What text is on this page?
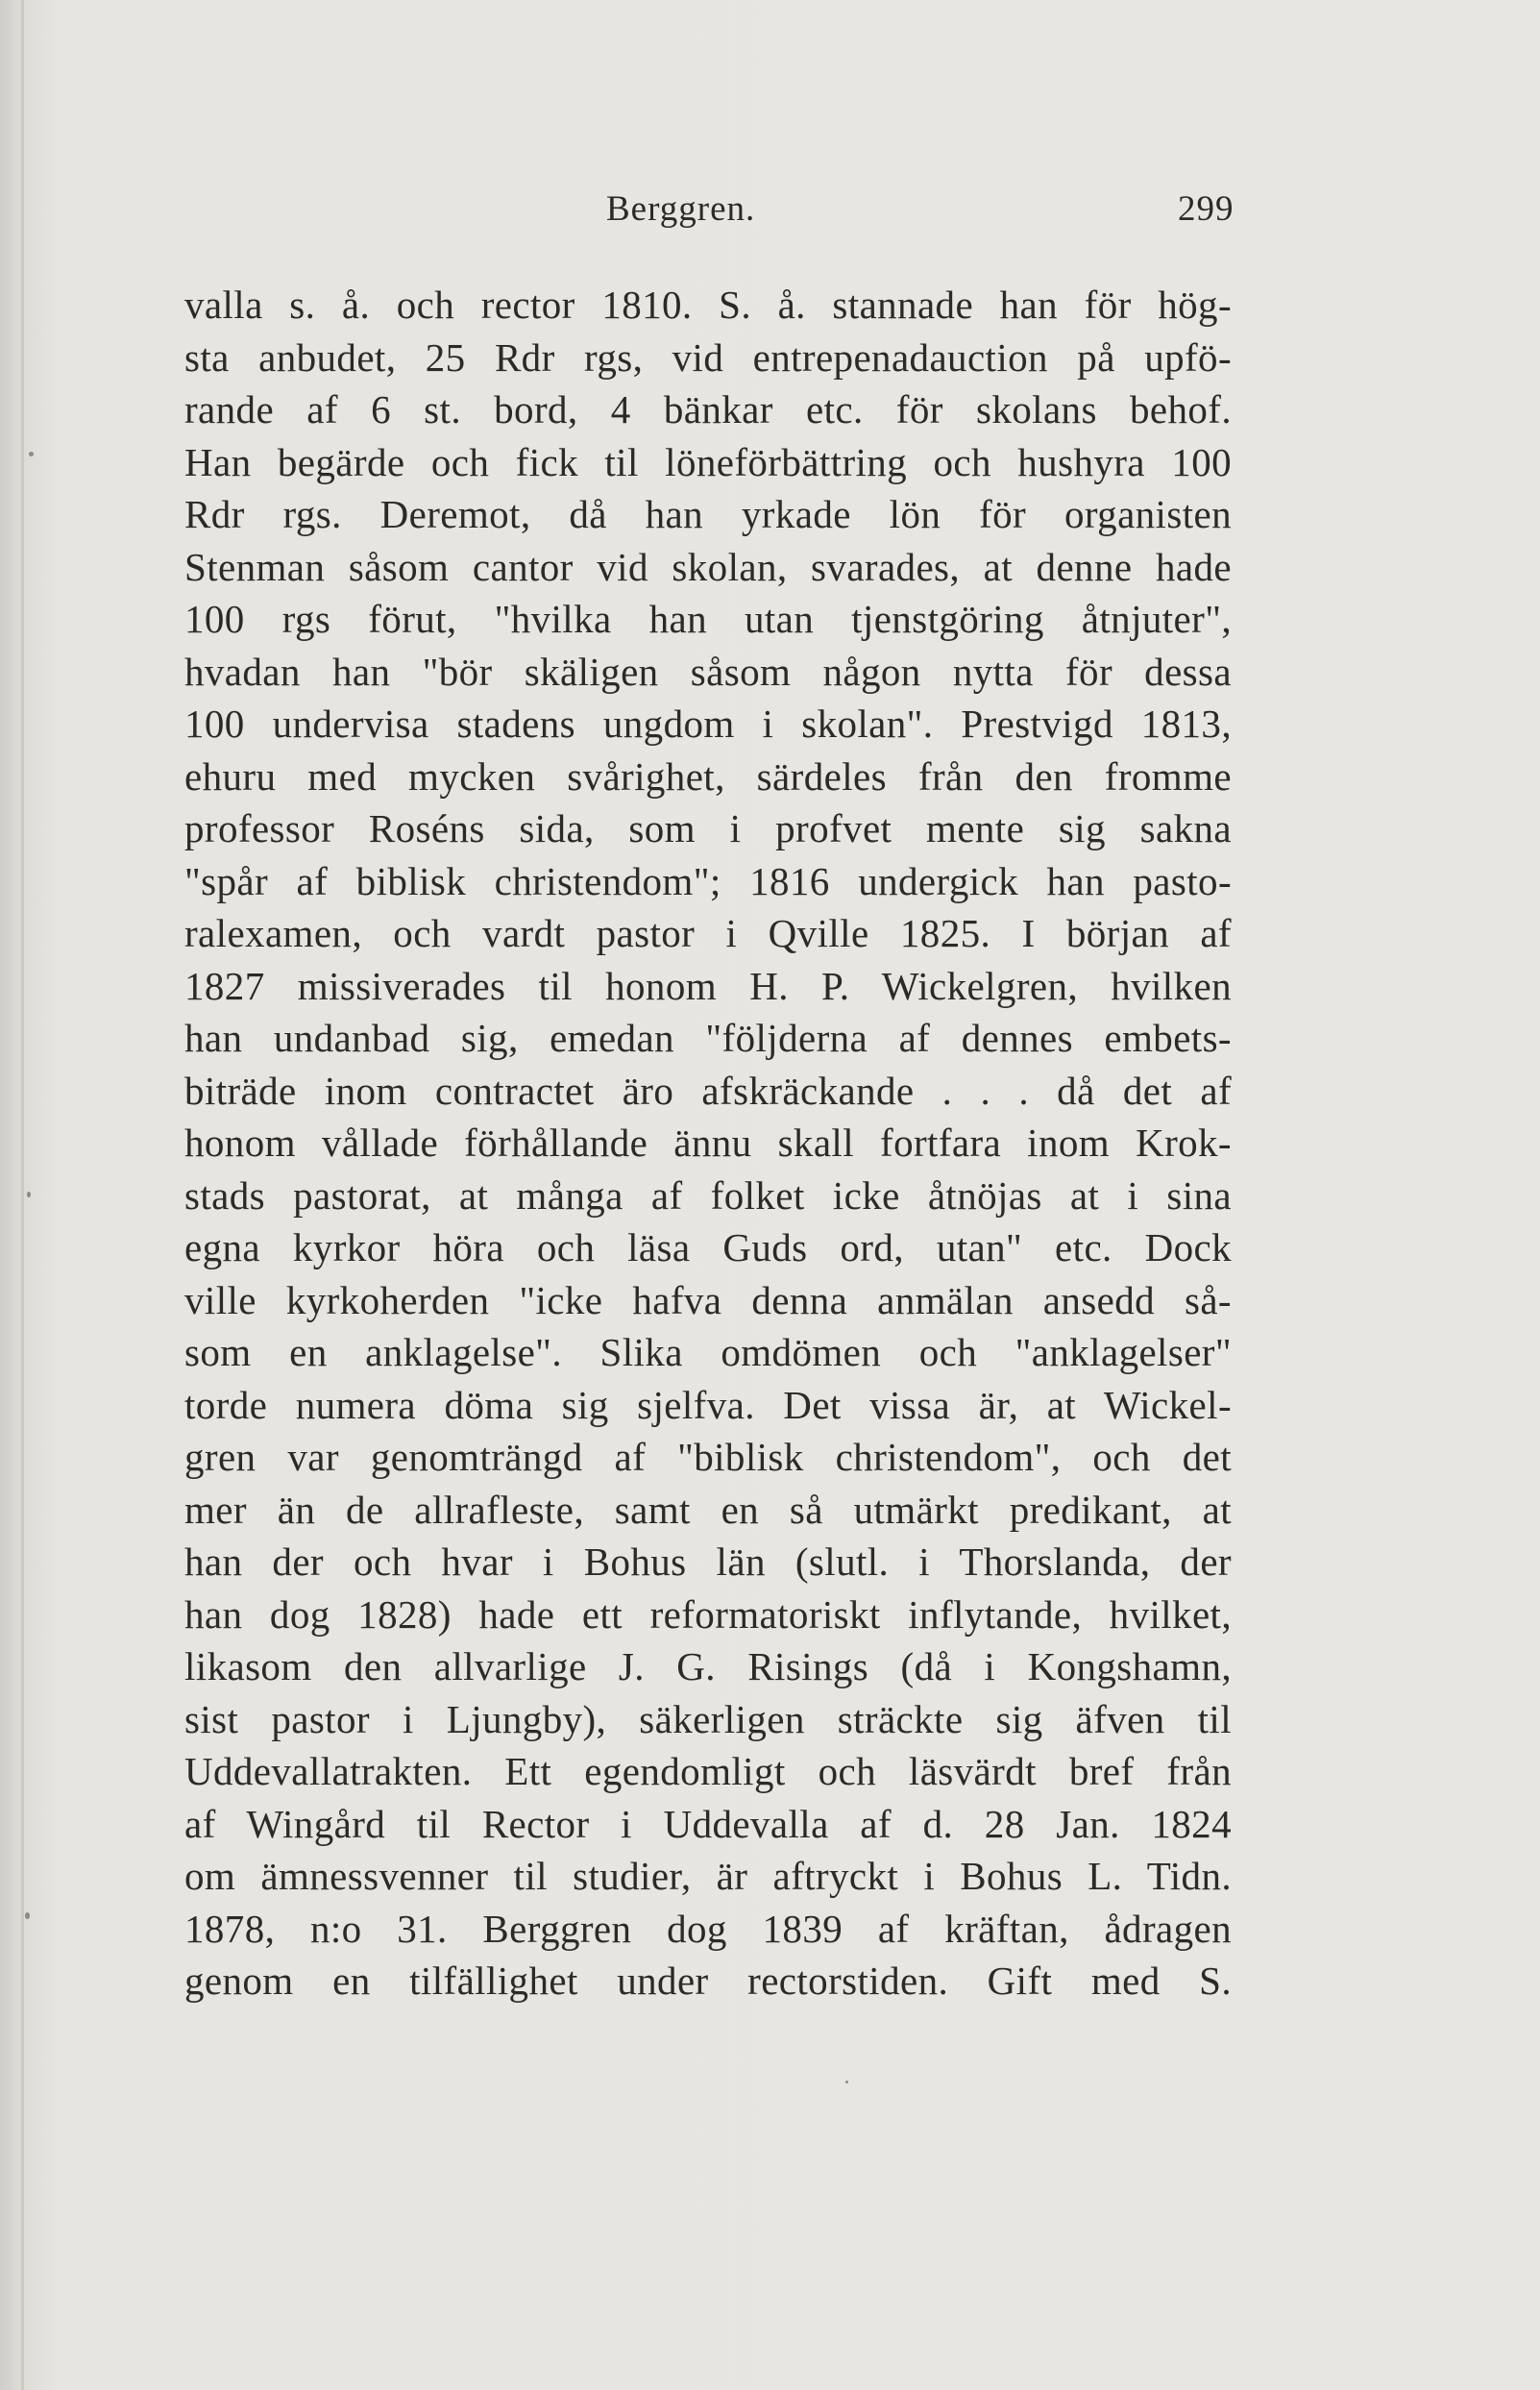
Berggren.	299
valla s. å. och rector 1810. S. å. stannade han för hög-
sta anbudet, 25 Rdr rgs, vid entrepenadauction på upfö-
rande af 6 st. bord, 4 bänkar etc. för skolans behof.
Han begärde och fick til löneförbättring och hushyra 100
Rdr rgs. Deremot, då han yrkade lön för organisten
Stenman såsom cantor vid skolan, svarades, at denne hade
100 rgs förut, "hvilka han utan tjenstgöring åtnjuter",
hvadan han "bör skäligen såsom någon nytta för dessa
100 undervisa stadens ungdom i skolan". Prestvigd 1813,
ehuru med mycken svårighet, särdeles från den fromme
professor Roséns sida, som i profvet mente sig sakna
"spår af biblisk christendom"; 1816 undergick han pasto-
ralexamen, och vardt pastor i Qville 1825. I början af
1827 missiverades til honom H. P. Wickelgren, hvilken
han undanbad sig, emedan "följderna af dennes embets-
biträde inom contractet äro afskräckande . . . då det af
honom vållade förhållande ännu skall fortfara inom Krok-
stads pastorat, at många af folket icke åtnöjas at i sina
egna kyrkor höra och läsa Guds ord, utan" etc. Dock
ville kyrkoherden "icke hafva denna anmälan ansedd så-
som en anklagelse". Slika omdömen och "anklagelser"
torde numera döma sig sjelfva. Det vissa är, at Wickel-
gren var genomträngd af "biblisk christendom", och det
mer än de allrafleste, samt en så utmärkt predikant, at
han der och hvar i Bohus län (slutl. i Thorslanda, der
han dog 1828) hade ett reformatoriskt inflytande, hvilket,
likasom den allvarlige J. G. Risings (då i Kongshamn,
sist pastor i Ljungby), säkerligen sträckte sig äfven til
Uddevallatrakten. Ett egendomligt och läsvärdt bref från
af Wingård til Rector i Uddevalla af d. 28 Jan. 1824
om ämnessvenner til studier, är aftryckt i Bohus L. Tidn.
1878, n:o 31. Berggren dog 1839 af kräftan, ådragen
genom en tilfällighet under rectorstiden. Gift med S.
